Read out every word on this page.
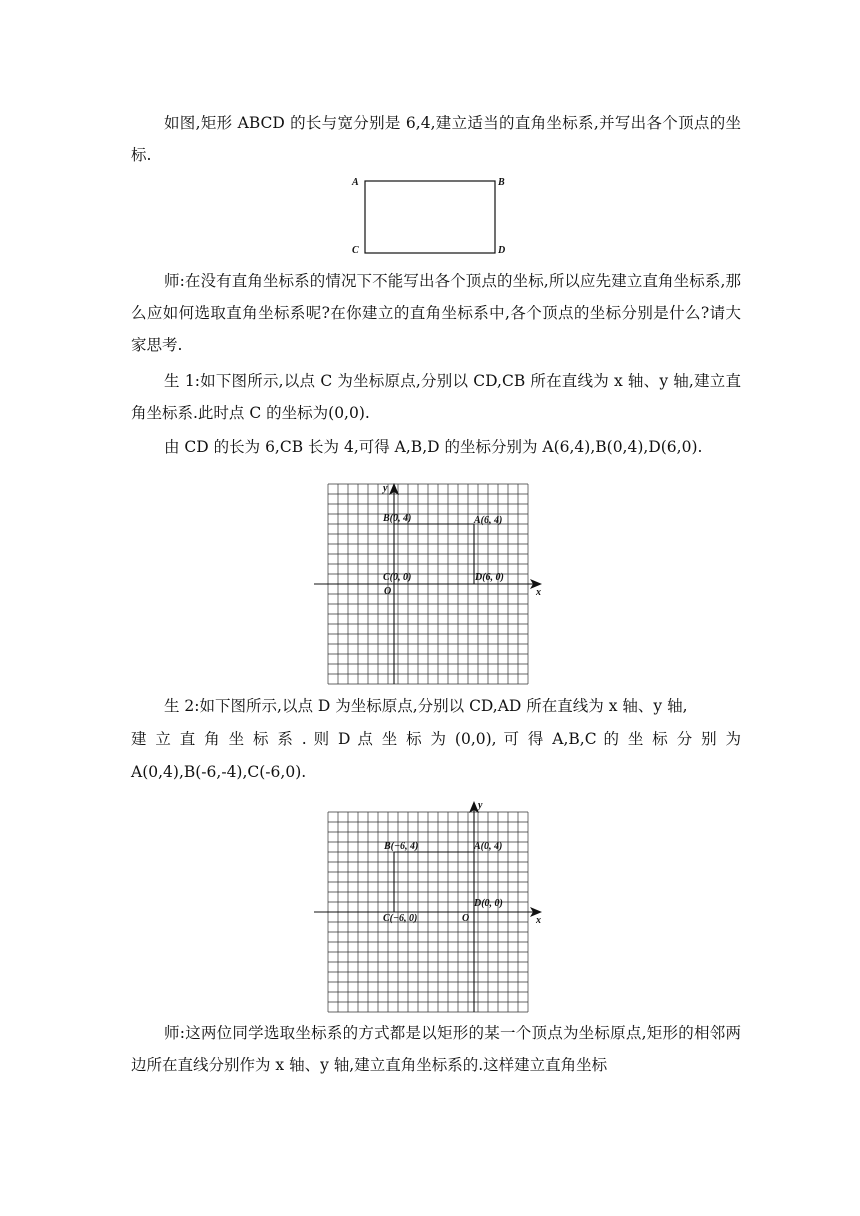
如图,矩形 ABCD 的长与宽分别是 6,4,建立适当的直角坐标系,并写出各个顶点的坐标.

A	B
C	D

师:在没有直角坐标系的情况下不能写出各个顶点的坐标,所以应先建立直角坐标系,那么应如何选取直角坐标系呢?在你建立的直角坐标系中,各个顶点的坐标分别是什么?请大家思考.

生 1:如下图所示,以点 C 为坐标原点,分别以 CD,CB 所在直线为 x 轴、y 轴,建立直角坐标系.此时点 C 的坐标为(0,0).

由 CD 的长为 6,CB 长为 4,可得 A,B,D 的坐标分别为 A(6,4),B(0,4),D(6,0).

y
x
O
B(0, 4)	A(6, 4)
C(0, 0)	D(6, 0)

生 2:如下图所示,以点 D 为坐标原点,分别以 CD,AD 所在直线为 x 轴、y 轴,

建 立 直 角 坐 标 系 . 则 D 点 坐 标 为 (0,0), 可 得 A,B,C 的 坐 标 分 别 为

A(0,4),B(-6,-4),C(-6,0).

y
x
O
B(−6, 4)	A(0, 4)
C(−6, 0)
D(0, 0)

师:这两位同学选取坐标系的方式都是以矩形的某一个顶点为坐标原点,矩形的相邻两边所在直线分别作为 x 轴、y 轴,建立直角坐标系的.这样建立直角坐标
